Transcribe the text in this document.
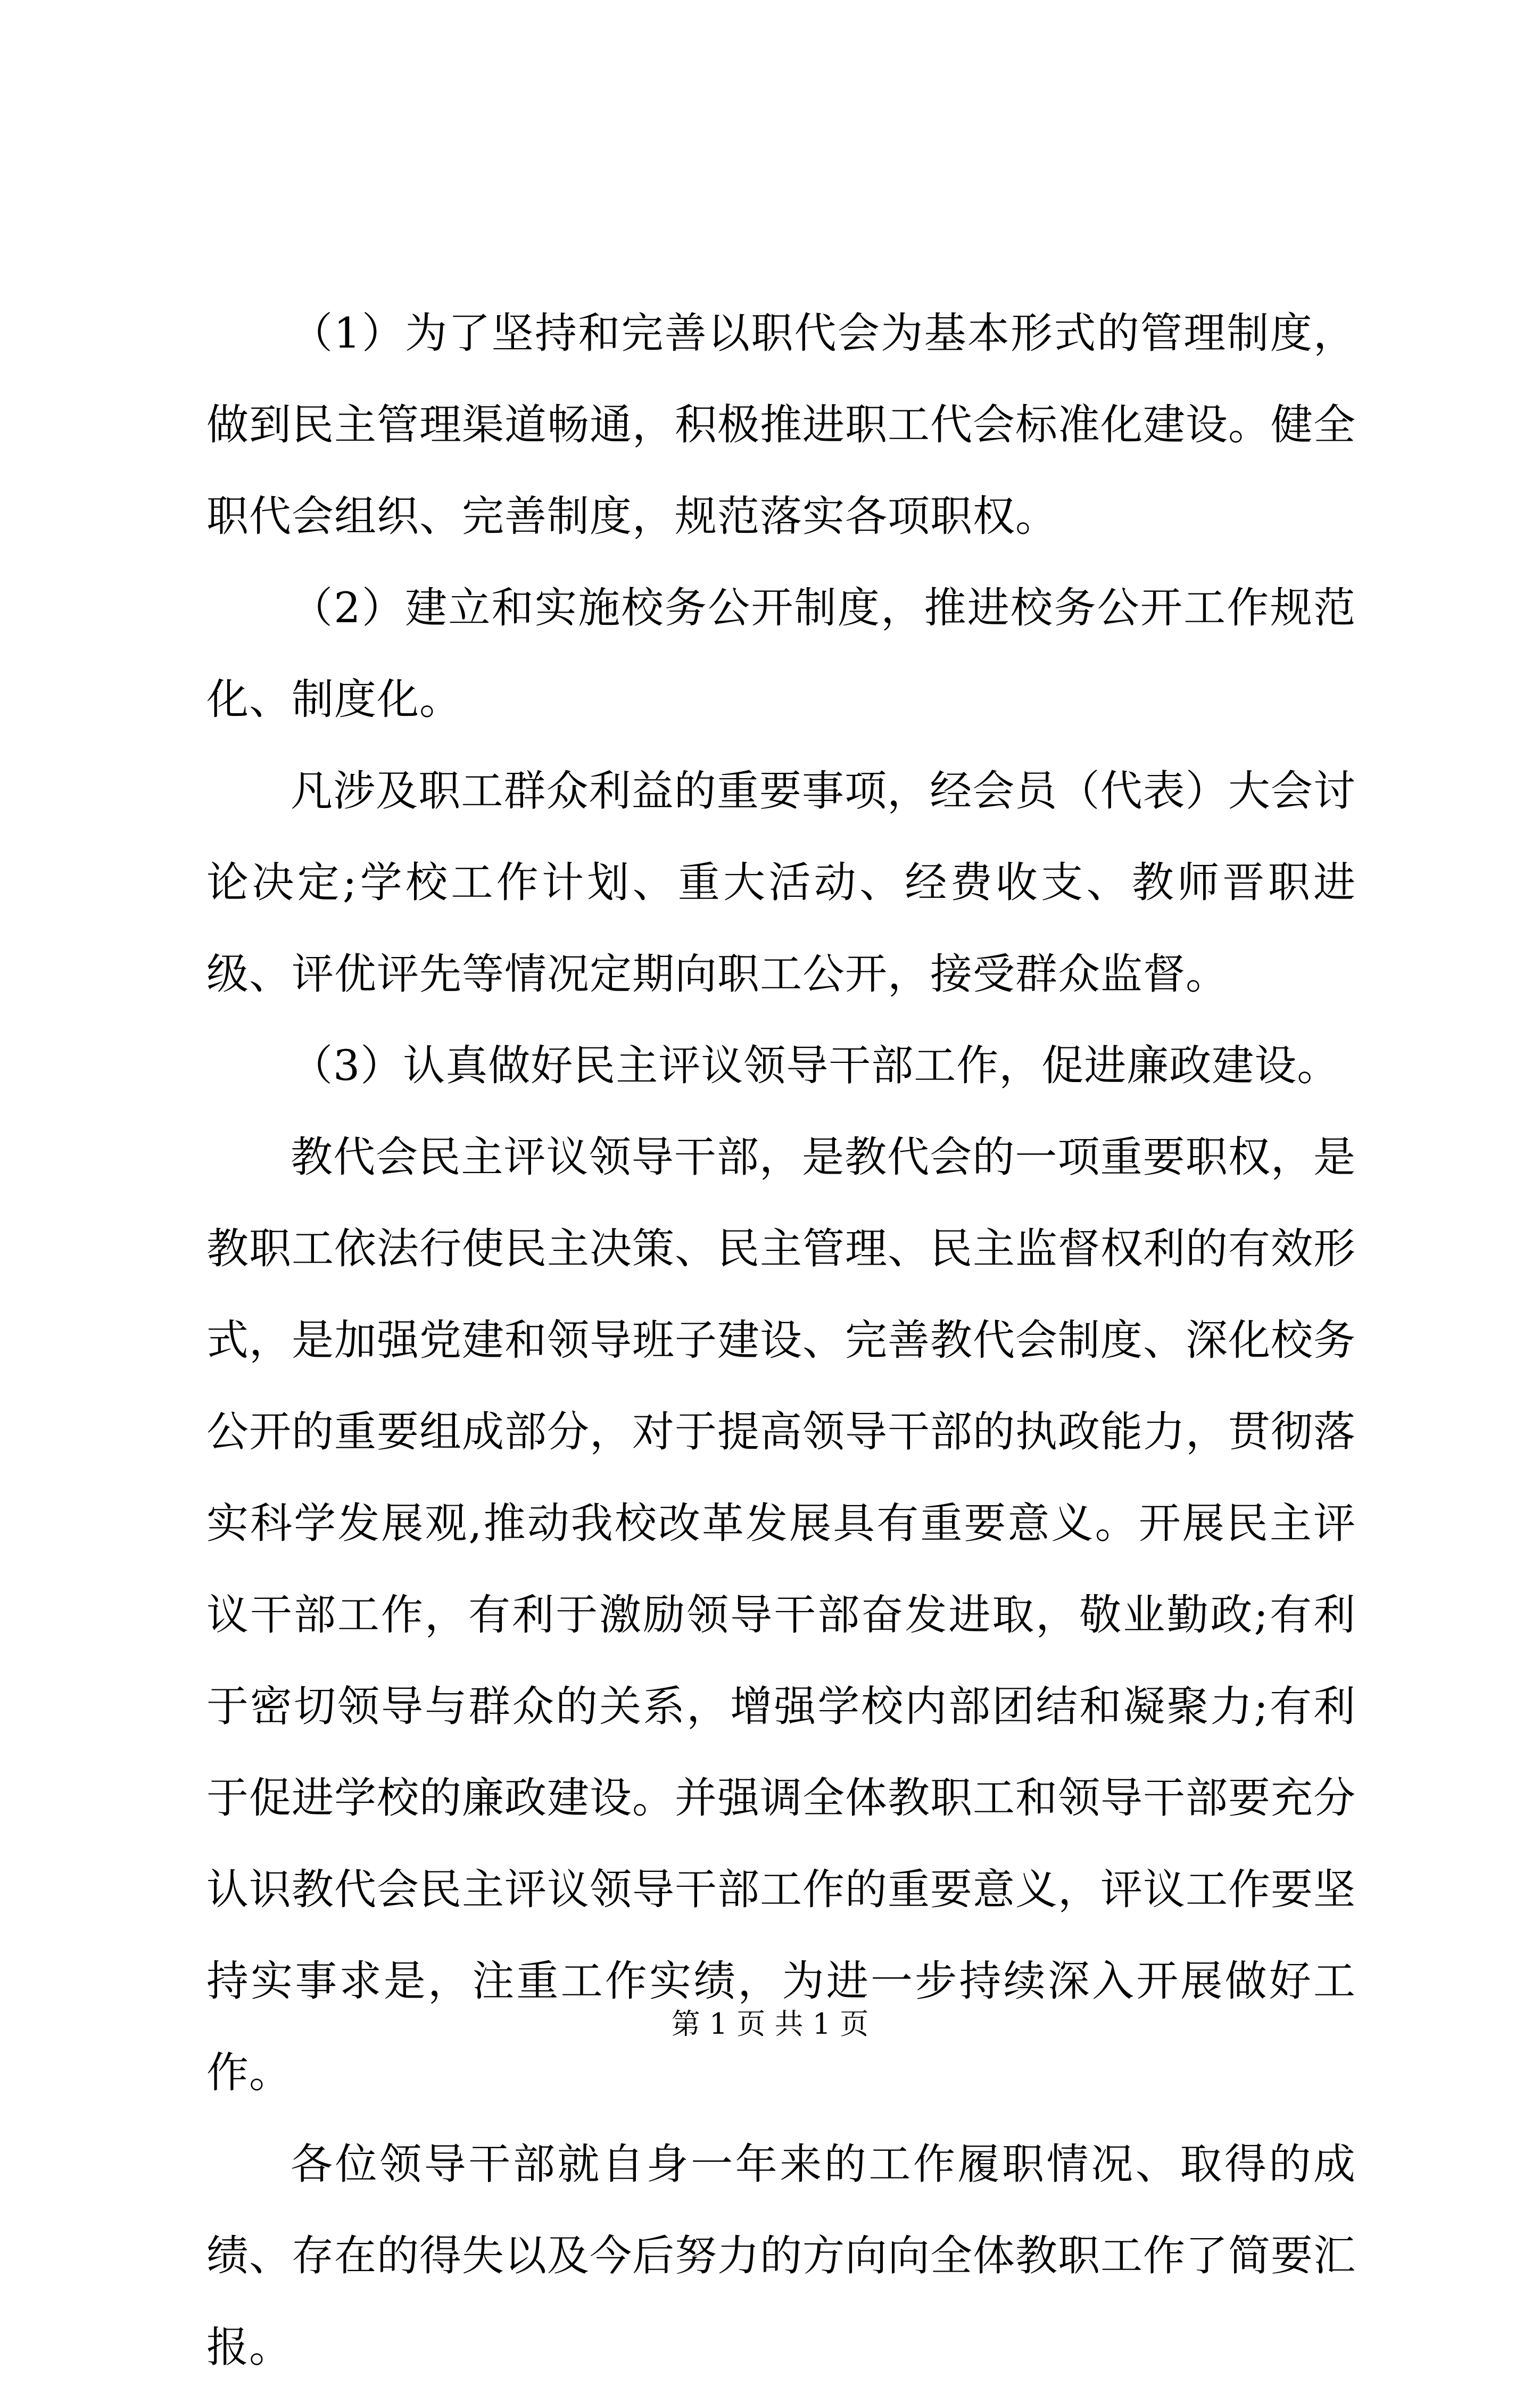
（1）为了坚持和完善以职代会为基本形式的管理制度，做到民主管理渠道畅通，积极推进职工代会标准化建设。健全职代会组织、完善制度，规范落实各项职权。

（2）建立和实施校务公开制度，推进校务公开工作规范化、制度化。

凡涉及职工群众利益的重要事项，经会员（代表）大会讨论决定;学校工作计划、重大活动、经费收支、教师晋职进级、评优评先等情况定期向职工公开，接受群众监督。

（3）认真做好民主评议领导干部工作，促进廉政建设。

教代会民主评议领导干部，是教代会的一项重要职权，是教职工依法行使民主决策、民主管理、民主监督权利的有效形式，是加强党建和领导班子建设、完善教代会制度、深化校务公开的重要组成部分，对于提高领导干部的执政能力，贯彻落实科学发展观,推动我校改革发展具有重要意义。开展民主评议干部工作，有利于激励领导干部奋发进取，敬业勤政;有利于密切领导与群众的关系，增强学校内部团结和凝聚力;有利于促进学校的廉政建设。并强调全体教职工和领导干部要充分认识教代会民主评议领导干部工作的重要意义，评议工作要坚持实事求是，注重工作实绩，为进一步持续深入开展做好工作。

各位领导干部就自身一年来的工作履职情况、取得的成绩、存在的得失以及今后努力的方向向全体教职工作了简要汇报。

第 1 页 共 1 页
